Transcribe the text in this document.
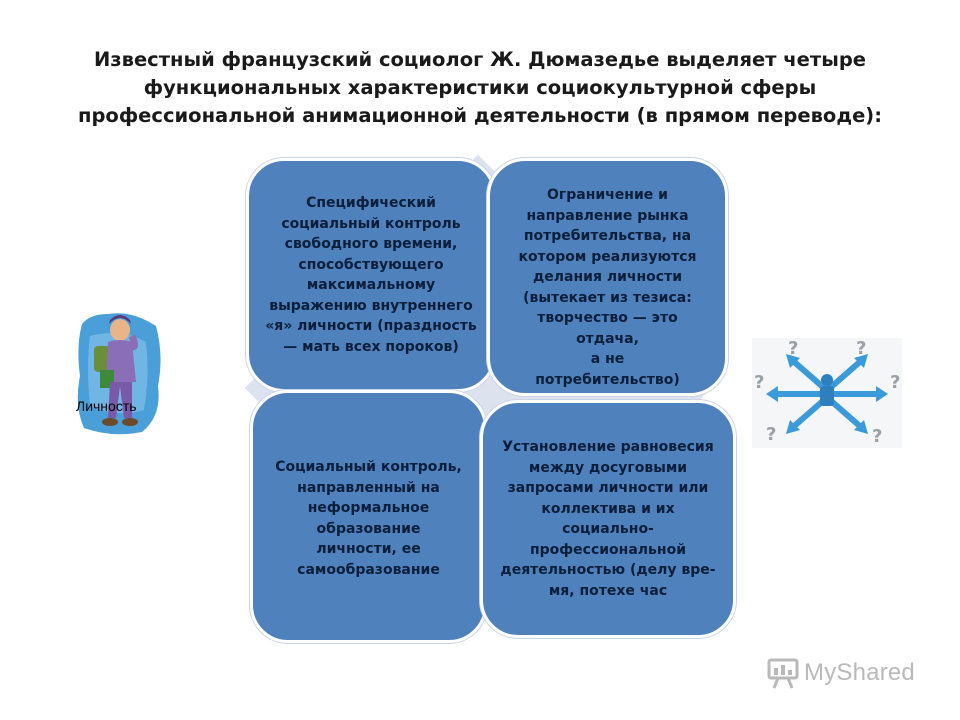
Известный французский социолог Ж. Дюмазедье выделяет четыре функциональных характеристики социокультурной сферы профессиональной анимационной деятельности (в прямом переводе):
Специфический
социальный контроль
свободного времени,
способствующего
максимальному
выражению внутреннего
«я» личности (праздность
— мать всех пороков)
Ограничение и
направление рынка
потребительства, на
котором реализуются
делания личности
(вытекает из тезиса:
творчество — это отдача,
а не
потребительство)
Социальный контроль,
направленный на
неформальное
образование
личности, ее
самообразование
Установление равновесия
между досуговыми
запросами личности или
коллектива и их
социально-
профессиональной
деятельностью (делу вре-
мя, потехе час
Личность
?	?
?	?
?	?
MyShared
